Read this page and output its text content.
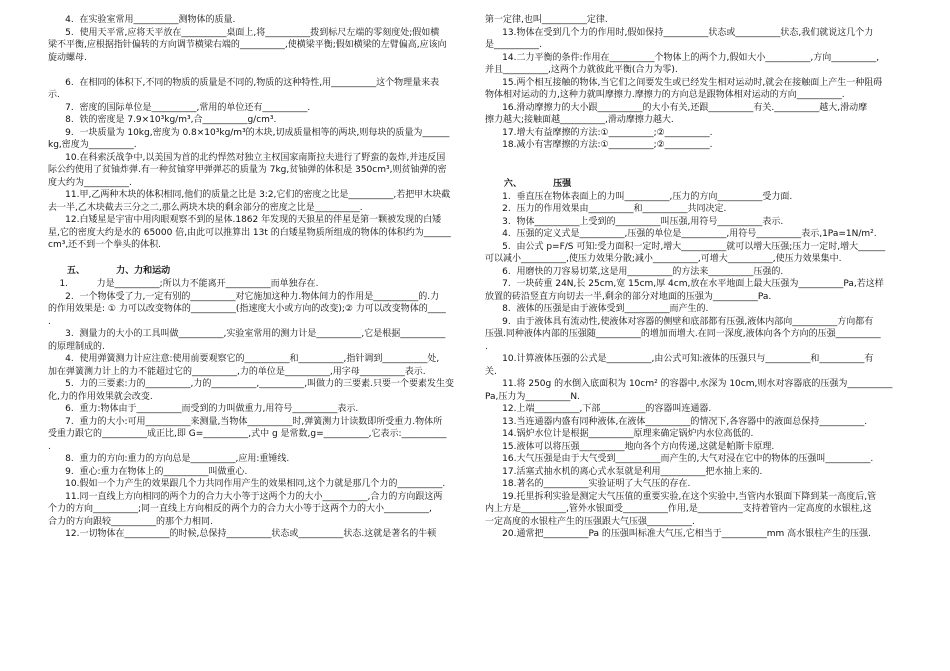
4.  在实验室常用__________测物体的质量.
5.  使用天平常,应将天平放在__________桌面上,将__________拨到标尺左端的零刻度处;假如横
梁不平衡,应根据指针偏转的方向调节横梁右端的__________,使横梁平衡;假如横梁的左臂偏高,应该向
旋动螺母.
6.  在相同的体积下,不同的物质的质量是不同的,物质的这种特性,用__________这个物理量来表
示.
7.  密度的国际单位是__________,常用的单位还有__________.
8.  铁的密度是 7.9×10³kg/m³,合__________g/cm³.
9.  一块质量为 10kg,密度为 0.8×10³kg/m³的木块,切成质量相等的两块,则每块的质量为______
kg,密度为__________.
10.在科索沃战争中,以美国为首的北约悍然对独立主权国家南斯拉夫进行了野蛮的轰炸,并违反国
际公约使用了贫铀炸弹.有一种贫铀穿甲弹弹芯的质量为 7kg,贫铀弹的体积是 350cm³,则贫铀弹的密
度大约为__________.
11.甲,乙两种木块的体积相同,他们的质量之比是 3:2,它们的密度之比是__________,若把甲木块截
去一半,乙木块截去三分之二,那么两块木块的剩余部分的密度之比是__________.
12.白矮星是宇宙中用肉眼观察不到的星体.1862 年发现的天狼星的伴星是第一颗被发现的白矮
星,它的密度大约是水的 65000 倍,由此可以推算出 13t 的白矮星物质所组成的物体的体积约为______
cm³,还不到一个拳头的体积.
五、          力、力和运动
1.          力是__________;所以力不能离开__________而单独存在.
2.  一个物体受了力,一定有别的__________对它施加这种力.物体间力的作用是__________的.力
的作用效果是: ① 力可以改变物体的__________(指速度大小或方向的改变);② 力可以改变物体的____
.
3.  测量力的大小的工具叫做__________,实验室常用的测力计是__________,它是根据__________
的原理制成的.
4.  使用弹簧测力计应注意:使用前要观察它的__________和__________,指针调到__________处,
加在弹簧测力计上的力不能超过它的__________,力的单位是__________,用字母__________表示.
5.  力的三要素:力的__________,力的__________,__________,叫做力的三要素.只要一个要素发生变
化,力的作用效果就会改变.
6.  重力:物体由于__________而受到的力叫做重力,用符号__________表示.
7.  重力的大小:可用__________来测量,当物体__________时,弹簧测力计读数即所受重力.物体所
受重力跟它的__________成正比,即 G=__________,式中 g 是常数,g=__________,它表示:__________
.
8.  重力的方向:重力的方向总是__________,应用:重锤线.
9.  重心:重力在物体上的__________叫做重心.
10.假如一个力产生的效果跟几个力共同作用产生的效果相同,这个力就是那几个力的__________.
11.同一直线上方向相同的两个力的合力大小等于这两个力的大小__________,合力的方向跟这两
个力的方向__________;同一直线上方向相反的两个力的合力大小等于这两个力的大小__________,
合力的方向跟较__________的那个力相同.
12.一切物体在__________的时候,总保持__________状态或__________状态.这就是著名的牛顿
第一定律,也叫__________定律.
13.物体在受到几个力的作用时,假如保持__________状态或__________状态,我们就说这几个力
是__________.
14.二力平衡的条件:作用在__________个物体上的两个力,假如大小__________,方向__________,
并且__________,这两个力就彼此平衡(合力为零).
15.两个相互接触的物体,当它们之间要发生或已经发生相对运动时,就会在接触面上产生一种阻碍
物体相对运动的力,这种力就叫摩擦力.摩擦力的方向总是跟物体相对运动的方向__________.
16.滑动摩擦力的大小跟__________的大小有关,还跟__________有关.__________越大,滑动摩
擦力越大;接触面越__________,滑动摩擦力越大.
17.增大有益摩擦的方法:①__________;②__________.
18.减小有害摩擦的方法:①__________;②__________.
六、          压强
1.  垂直压在物体表面上的力叫__________,压力的方向__________受力面.
2.  压力的作用效果由__________和__________共同决定.
3.  物体__________上受到的__________叫压强,用符号__________表示.
4.  压强的定义式是__________,压强的单位是__________,用符号__________表示,1Pa=1N/m².
5.  由公式 p=F/S 可知:受力面积一定时,增大__________就可以增大压强;压力一定时,增大______
可以减小__________,使压力效果分散;减小__________,可增大__________,使压力效果集中.
6.  用磨快的刀容易切菜,这是用__________的方法来__________压强的.
7.  一块砖重 24N,长 25cm,宽 15cm,厚 4cm,放在水平地面上最大压强为__________Pa,若这样
放置的砖沿竖直方向切去一半,剩余的部分对地面的压强为__________Pa.
8.  液体的压强是由于液体受到__________而产生的.
9.  由于液体具有流动性,使液体对容器的侧壁和底部都有压强,液体内部向__________方向都有
压强.同种液体内部的压强随__________的增加而增大.在同一深度,液体向各个方向的压强__________
.
10.计算液体压强的公式是__________,由公式可知:液体的压强只与__________和__________有
关.
11.将 250g 的水倒入底面积为 10cm² 的容器中,水深为 10cm,则水对容器底的压强为__________
Pa,压力为__________N.
12.上端__________,下部__________的容器叫连通器.
13.当连通器内盛有同种液体,在液体__________的情况下,各容器中的液面总保持__________.
14.锅炉水位计是根据__________原理来确定锅炉内水位高低的.
15.液体可以将压强__________地向各个方向传递,这就是帕斯卡原理.
16.大气压强是由于大气受到__________而产生的,大气对浸在它中的物体的压强叫__________.
17.活塞式抽水机的离心式水泵就是利用__________把水抽上来的.
18.著名的__________实验证明了大气压的存在.
19.托里拆利实验是测定大气压值的重要实验,在这个实验中,当管内水银面下降到某一高度后,管
内上方是__________,管外水银面受__________作用,是__________支持着管内一定高度的水银柱,这
一定高度的水银柱产生的压强跟大气压强__________.
20.通常把__________Pa 的压强叫标准大气压,它相当于__________mm 高水银柱产生的压强.
